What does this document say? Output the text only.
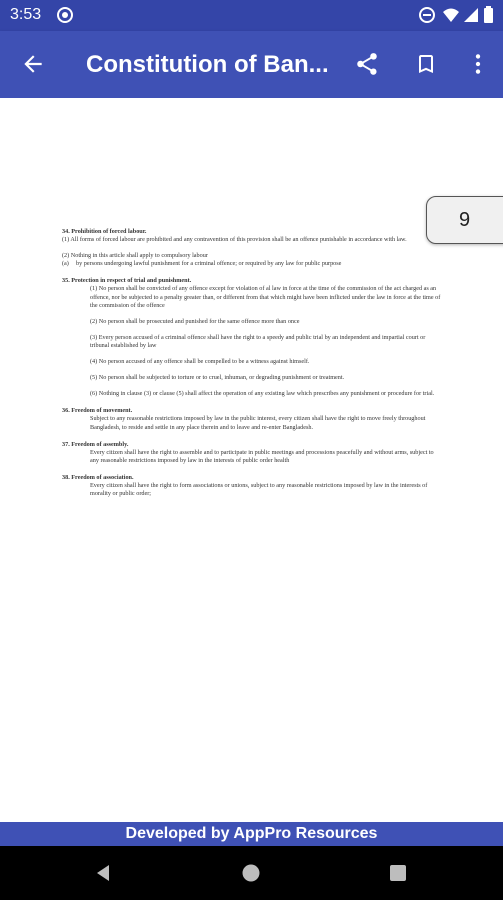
3:53
Constitution of Ban...
9
34. Prohibition of forced labour.
(1) All forms of forced labour are prohibited and any contravention of this provision shall be an offence punishable in accordance with law.
(2) Nothing in this article shall apply to compulsory labour
(a)	by persons undergoing lawful punishment for a criminal offence; or required by any law for public purpose
35. Protection in respect of trial and punishment.
(1) No person shall be convicted of any offence except for violation of al law in force at the time of the commission of the act charged as an offence, nor be subjected to a penalty greater than, or different from that which might have been inflicted under the law in force at the time of the commission of the offence
(2) No person shall be prosecuted and punished for the same offence more than once
(3) Every person accused of a criminal offence shall have the right to a speedy and public trial by an independent and impartial court or tribunal established by law
(4) No person accused of any offence shall be compelled to be a witness against himself.
(5) No person shall be subjected to torture or to cruel, inhuman, or degrading punishment or treatment.
(6) Nothing in clause (3) or clause (5) shall affect the operation of any existing law which prescribes any punishment or procedure for trial.
36. Freedom of movement.
Subject to any reasonable restrictions imposed by law in the public interest, every citizen shall have the right to move freely throughout Bangladesh, to reside and settle in any place therein and to leave and re-enter Bangladesh.
37. Freedom of assembly.
Every citizen shall have the right to assemble and to participate in public meetings and processions peacefully and without arms, subject to any reasonable restrictions imposed by law in the interests of public order health
38. Freedom of association.
Every citizen shall have the right to form associations or unions, subject to any reasonable restrictions imposed by law in the interests of morality or public order;
Developed by AppPro Resources
